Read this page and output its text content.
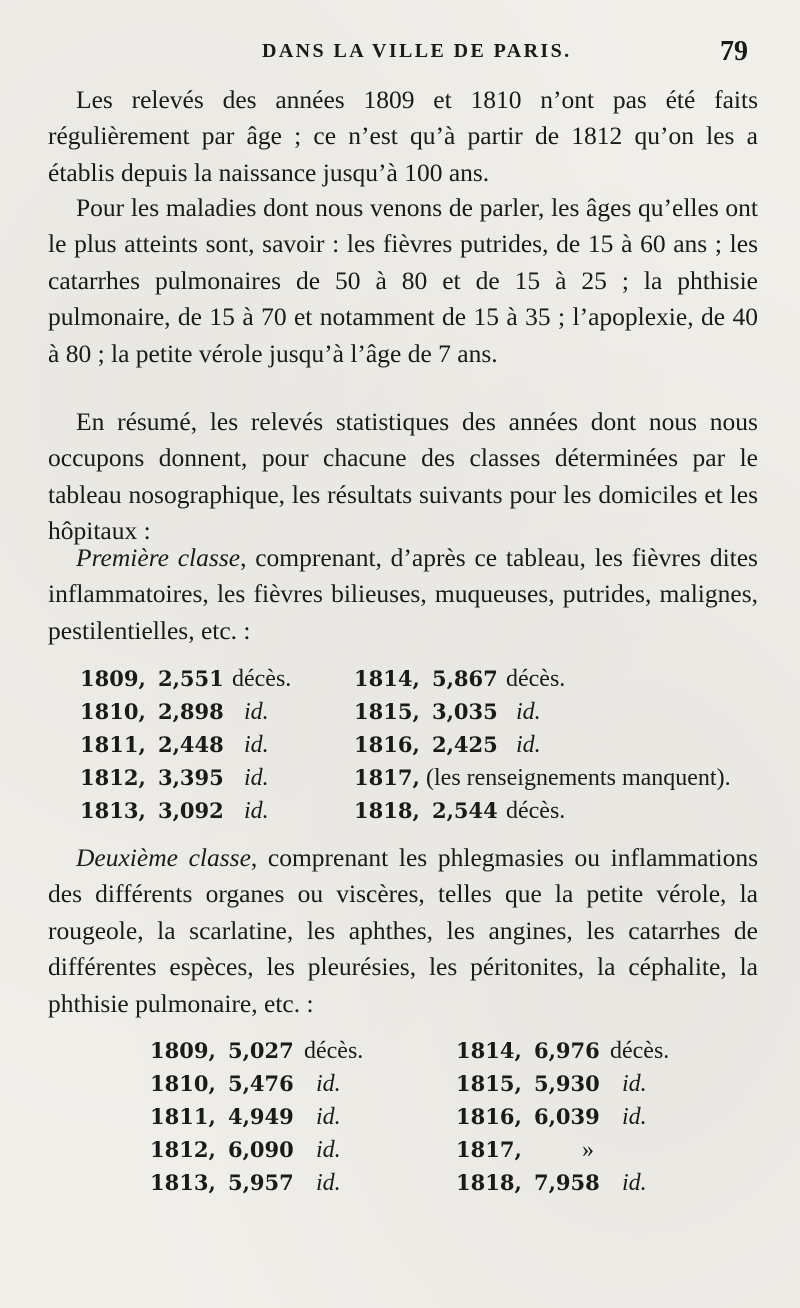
DANS LA VILLE DE PARIS.	79

Les relevés des années 1809 et 1810 n’ont pas été faits régulièrement par âge ; ce n’est qu’à partir de 1812 qu’on les a établis depuis la naissance jusqu’à 100 ans.

Pour les maladies dont nous venons de parler, les âges qu’elles ont le plus atteints sont, savoir : les fièvres putrides, de 15 à 60 ans ; les catarrhes pulmonaires de 50 à 80 et de 15 à 25 ; la phthisie pulmonaire, de 15 à 70 et notamment de 15 à 35 ; l’apoplexie, de 40 à 80 ; la petite vérole jusqu’à l’âge de 7 ans.

En résumé, les relevés statistiques des années dont nous nous occupons donnent, pour chacune des classes déterminées par le tableau nosographique, les résultats suivants pour les domiciles et les hôpitaux :

Première classe, comprenant, d’après ce tableau, les fièvres dites inflammatoires, les fièvres bilieuses, muqueuses, putrides, malignes, pestilentielles, etc. :

1809, 2,551 décès.
1810, 2,898 id.
1811, 2,448 id.
1812, 3,395 id.
1813, 3,092 id.
1814, 5,867 décès.
1815, 3,035 id.
1816, 2,425 id.
1817, (les renseignements manquent).
1818, 2,544 décès.

Deuxième classe, comprenant les phlegmasies ou inflammations des différents organes ou viscères, telles que la petite vérole, la rougeole, la scarlatine, les aphthes, les angines, les catarrhes de différentes espèces, les pleurésies, les péritonites, la céphalite, la phthisie pulmonaire, etc. :

1809, 5,027 décès.
1810, 5,476 id.
1811, 4,949 id.
1812, 6,090 id.
1813, 5,957 id.
1814, 6,976 décès.
1815, 5,930 id.
1816, 6,039 id.
1817,	»
1818, 7,958 id.
